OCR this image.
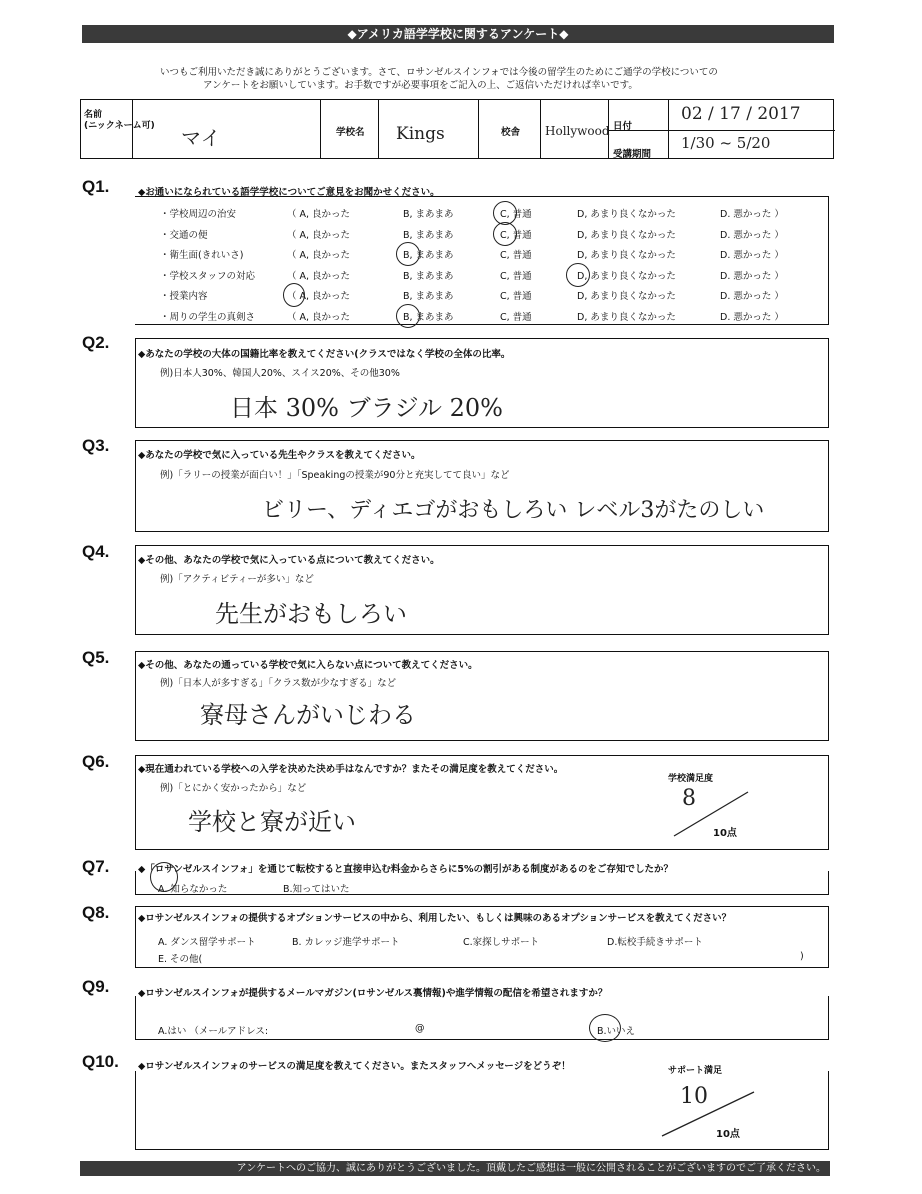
◆アメリカ語学学校に関するアンケート◆
いつもご利用いただき誠にありがとうございます。さて、ロサンゼルスインフォでは今後の留学生のためにご通学の学校についての
アンケートをお願いしています。お手数ですが必要事項をご記入の上、ご返信いただければ幸いです。
名前
(ニックネーム可) マイ	学校名 Kings	校舎 Hollywood 日付
02 / 17 / 2017
受講期間
1/30 ~ 5/20
Q1.	◆お通いになられている語学学校についてご意見をお聞かせください。
・学校周辺の治安	（ A, 良かった	B, まあまあ	C, 普通	D, あまり良くなかった	D. 悪かった ）
・交通の便	（ A, 良かった	B, まあまあ	C, 普通	D, あまり良くなかった	D. 悪かった ）
・衛生面(きれいさ)	（ A, 良かった	B, まあまあ	C, 普通	D, あまり良くなかった	D. 悪かった ）
・学校スタッフの対応	（ A, 良かった	B, まあまあ	C, 普通	D, あまり良くなかった	D. 悪かった ）
・授業内容	（ A, 良かった	B, まあまあ	C, 普通	D, あまり良くなかった	D. 悪かった ）
・周りの学生の真剣さ	（ A, 良かった	B, まあまあ	C, 普通	D, あまり良くなかった	D. 悪かった ）
Q2.
◆あなたの学校の大体の国籍比率を教えてください(クラスではなく学校の全体の比率。
例)日本人30%、韓国人20%、スイス20%、その他30%
日本 30% ブラジル 20%
Q3.
◆あなたの学校で気に入っている先生やクラスを教えてください。
例)「ラリーの授業が面白い！」「Speakingの授業が90分と充実してて良い」など
ビリー、ディエゴがおもしろい レベル3がたのしい
Q4.	◆その他、あなたの学校で気に入っている点について教えてください。
例)「アクティビティーが多い」など
先生がおもしろい
Q5.	◆その他、あなたの通っている学校で気に入らない点について教えてください。
例)「日本人が多すぎる」「クラス数が少なすぎる」など
寮母さんがいじわる
Q6.	◆現在通われている学校への入学を決めた決め手はなんですか？またその満足度を教えてください。
例)「とにかく安かったから」など
学校と寮が近い
学校満足度
8
10点
Q7.	◆「ロサンゼルスインフォ」を通じて転校すると直接申込む料金からさらに5%の割引がある制度があるのをご存知でしたか？
A. 知らなかった	B.知ってはいた
Q8.	◆ロサンゼルスインフォの提供するオプションサービスの中から、利用したい、もしくは興味のあるオプションサービスを教えてください？
A. ダンス留学サポート	B. カレッジ進学サポート	C.家探しサポート	D.転校手続きサポート
E. その他(	)
Q9.	◆ロサンゼルスインフォが提供するメールマガジン(ロサンゼルス裏情報)や進学情報の配信を希望されますか？
A.はい （メールアドレス:	@	B.いいえ
Q10. ◆ロサンゼルスインフォのサービスの満足度を教えてください。またスタッフへメッセージをどうぞ！	サポート満足
10
10点
アンケートへのご協力、誠にありがとうございました。頂戴したご感想は一般に公開されることがございますのでご了承ください。
